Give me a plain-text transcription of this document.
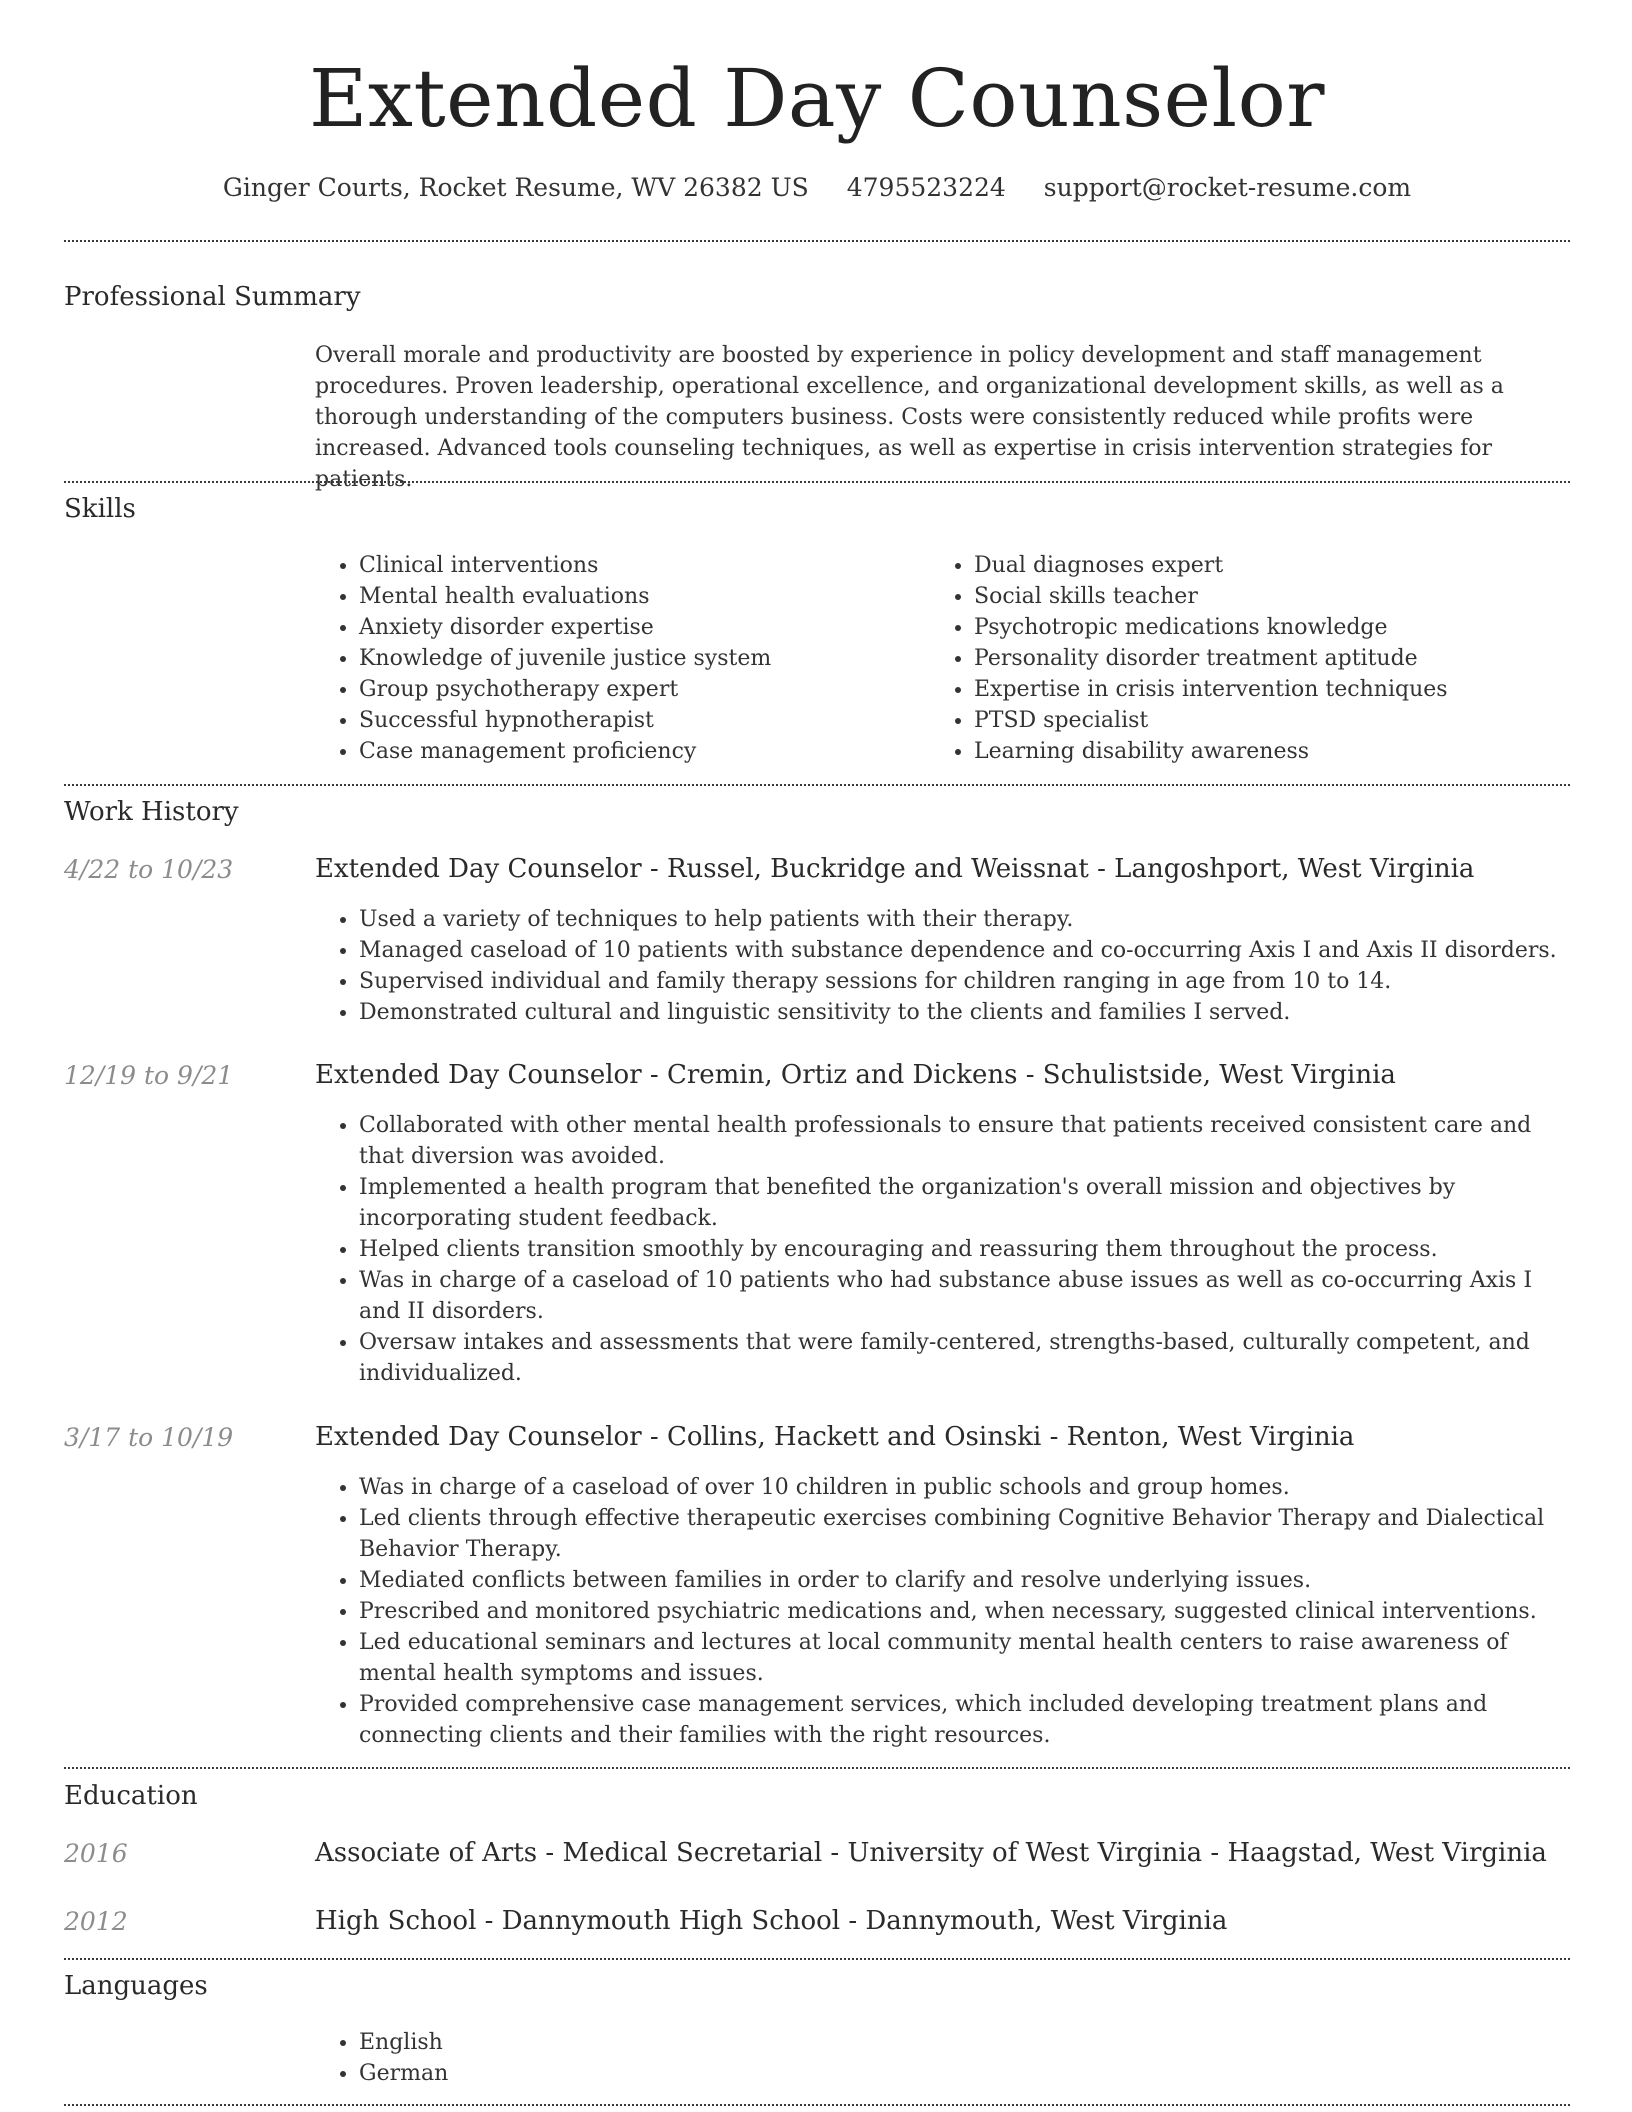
Extended Day Counselor
Ginger Courts, Rocket Resume, WV 26382 US 4795523224 support@rocket-resume.com
Professional Summary

Overall morale and productivity are boosted by experience in policy development and staff management procedures. Proven leadership, operational excellence, and organizational development skills, as well as a thorough understanding of the computers business. Costs were consistently reduced while profits were increased. Advanced tools counseling techniques, as well as expertise in crisis intervention strategies for patients.

Skills
• Clinical interventions
• Mental health evaluations
• Anxiety disorder expertise
• Knowledge of juvenile justice system
• Group psychotherapy expert
• Successful hypnotherapist
• Case management proficiency
• Dual diagnoses expert
• Social skills teacher
• Psychotropic medications knowledge
• Personality disorder treatment aptitude
• Expertise in crisis intervention techniques
• PTSD specialist
• Learning disability awareness
Work History
4/22 to 10/23	Extended Day Counselor - Russel, Buckridge and Weissnat - Langoshport, West Virginia
• Used a variety of techniques to help patients with their therapy.
• Managed caseload of 10 patients with substance dependence and co-occurring Axis I and Axis II disorders.
• Supervised individual and family therapy sessions for children ranging in age from 10 to 14.
• Demonstrated cultural and linguistic sensitivity to the clients and families I served.
12/19 to 9/21	Extended Day Counselor - Cremin, Ortiz and Dickens - Schulistside, West Virginia
• Collaborated with other mental health professionals to ensure that patients received consistent care and that diversion was avoided.
• Implemented a health program that benefited the organization's overall mission and objectives by incorporating student feedback.
• Helped clients transition smoothly by encouraging and reassuring them throughout the process.
• Was in charge of a caseload of 10 patients who had substance abuse issues as well as co-occurring Axis I and II disorders.
• Oversaw intakes and assessments that were family-centered, strengths-based, culturally competent, and individualized.
3/17 to 10/19	Extended Day Counselor - Collins, Hackett and Osinski - Renton, West Virginia
• Was in charge of a caseload of over 10 children in public schools and group homes.
• Led clients through effective therapeutic exercises combining Cognitive Behavior Therapy and Dialectical Behavior Therapy.
• Mediated conflicts between families in order to clarify and resolve underlying issues.
• Prescribed and monitored psychiatric medications and, when necessary, suggested clinical interventions.
• Led educational seminars and lectures at local community mental health centers to raise awareness of mental health symptoms and issues.
• Provided comprehensive case management services, which included developing treatment plans and connecting clients and their families with the right resources.
Education
2016	Associate of Arts - Medical Secretarial - University of West Virginia - Haagstad, West Virginia
2012	High School - Dannymouth High School - Dannymouth, West Virginia
Languages
• English
• German
